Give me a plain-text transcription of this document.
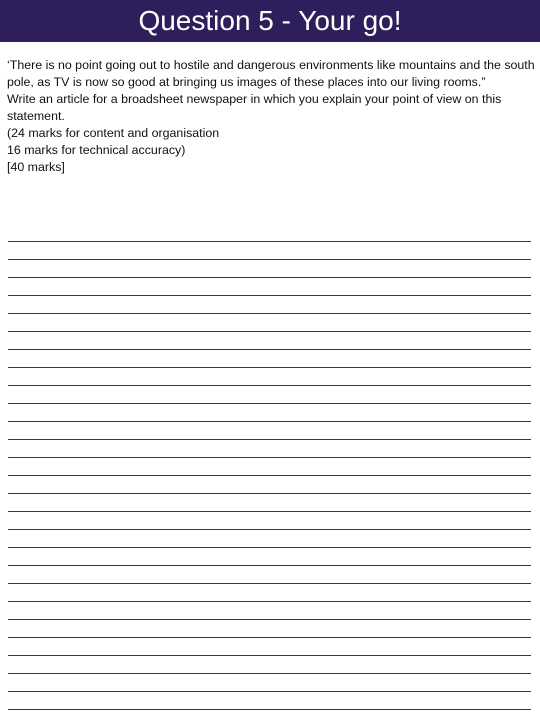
Question 5 - Your go!

‘There is no point going out to hostile and dangerous environments like mountains and the south pole, as TV is now so good at bringing us images of these places into our living rooms.”

Write an article for a broadsheet newspaper in which you explain your point of view on this statement.

(24 marks for content and organisation

16 marks for technical accuracy)

[40 marks]
